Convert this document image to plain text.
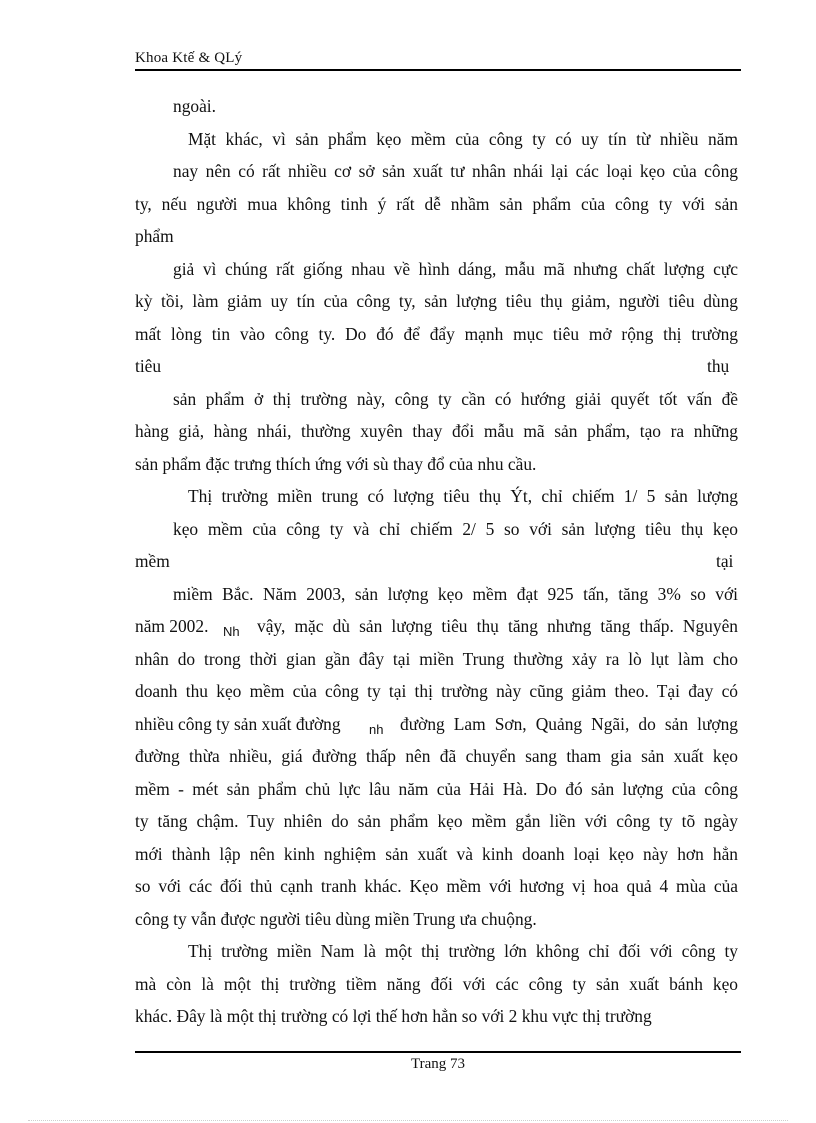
Khoa Ktế & QLý

ngoài.

Mặt khác, vì sản phẩm kẹo mềm của công ty có uy tín từ nhiều năm

nay nên có rất nhiều cơ sở sản xuất tư nhân nhái lại các loại kẹo của công

ty, nếu người mua không tinh ý rất dễ nhầm sản phẩm của công ty với sản

phẩm

giả vì chúng rất giống nhau về hình dáng, mẫu mã nhưng chất lượng cực

kỳ tồi, làm giảm uy tín của công ty, sản lượng tiêu thụ giảm, người tiêu dùng

mất lòng tin vào công ty. Do đó để đẩy mạnh mục tiêu mở rộng thị trường

tiêu	thụ

sản phẩm ở thị trường này, công ty cần có hướng giải quyết tốt vấn đề

hàng giả, hàng nhái, thường xuyên thay đổi mẫu mã sản phẩm, tạo ra những

sản phẩm đặc trưng thích ứng với sù thay đổ của nhu cầu.

Thị trường miền trung có lượng tiêu thụ Ýt, chỉ chiếm 1/ 5 sản lượng

kẹo mềm của công ty và chỉ chiếm 2/ 5 so với sản lượng tiêu thụ kẹo

mềm	tại

miềm Bắc. Năm 2003, sản lượng kẹo mềm đạt 925 tấn, tăng 3% so với

năm 2002. Nh vậy, mặc dù sản lượng tiêu thụ tăng nhưng tăng thấp. Nguyên

nhân do trong thời gian gần đây tại miền Trung thường xảy ra lò lụt làm cho

doanh thu kẹo mềm của công ty tại thị trường này cũng giảm theo. Tại đay có

nhiều công ty sản xuất đường nh đường Lam Sơn, Quảng Ngãi, do sản lượng

đường thừa nhiều, giá đường thấp nên đã chuyển sang tham gia sản xuất kẹo

mềm - mét sản phẩm chủ lực lâu năm của Hải Hà. Do đó sản lượng của công

ty tăng chậm. Tuy nhiên do sản phẩm kẹo mềm gắn liền với công ty tõ ngày

mới thành lập nên kinh nghiệm sản xuất và kinh doanh loại kẹo này hơn hẳn

so với các đối thủ cạnh tranh khác. Kẹo mềm với hương vị hoa quả 4 mùa của

công ty vẫn được người tiêu dùng miền Trung ưa chuộng.

Thị trường miền Nam là một thị trường lớn không chỉ đối với công ty

mà còn là một thị trường tiềm năng đối với các công ty sản xuất bánh kẹo

khác. Đây là một thị trường có lợi thế hơn hẳn so với 2 khu vực thị trường

Trang 73
